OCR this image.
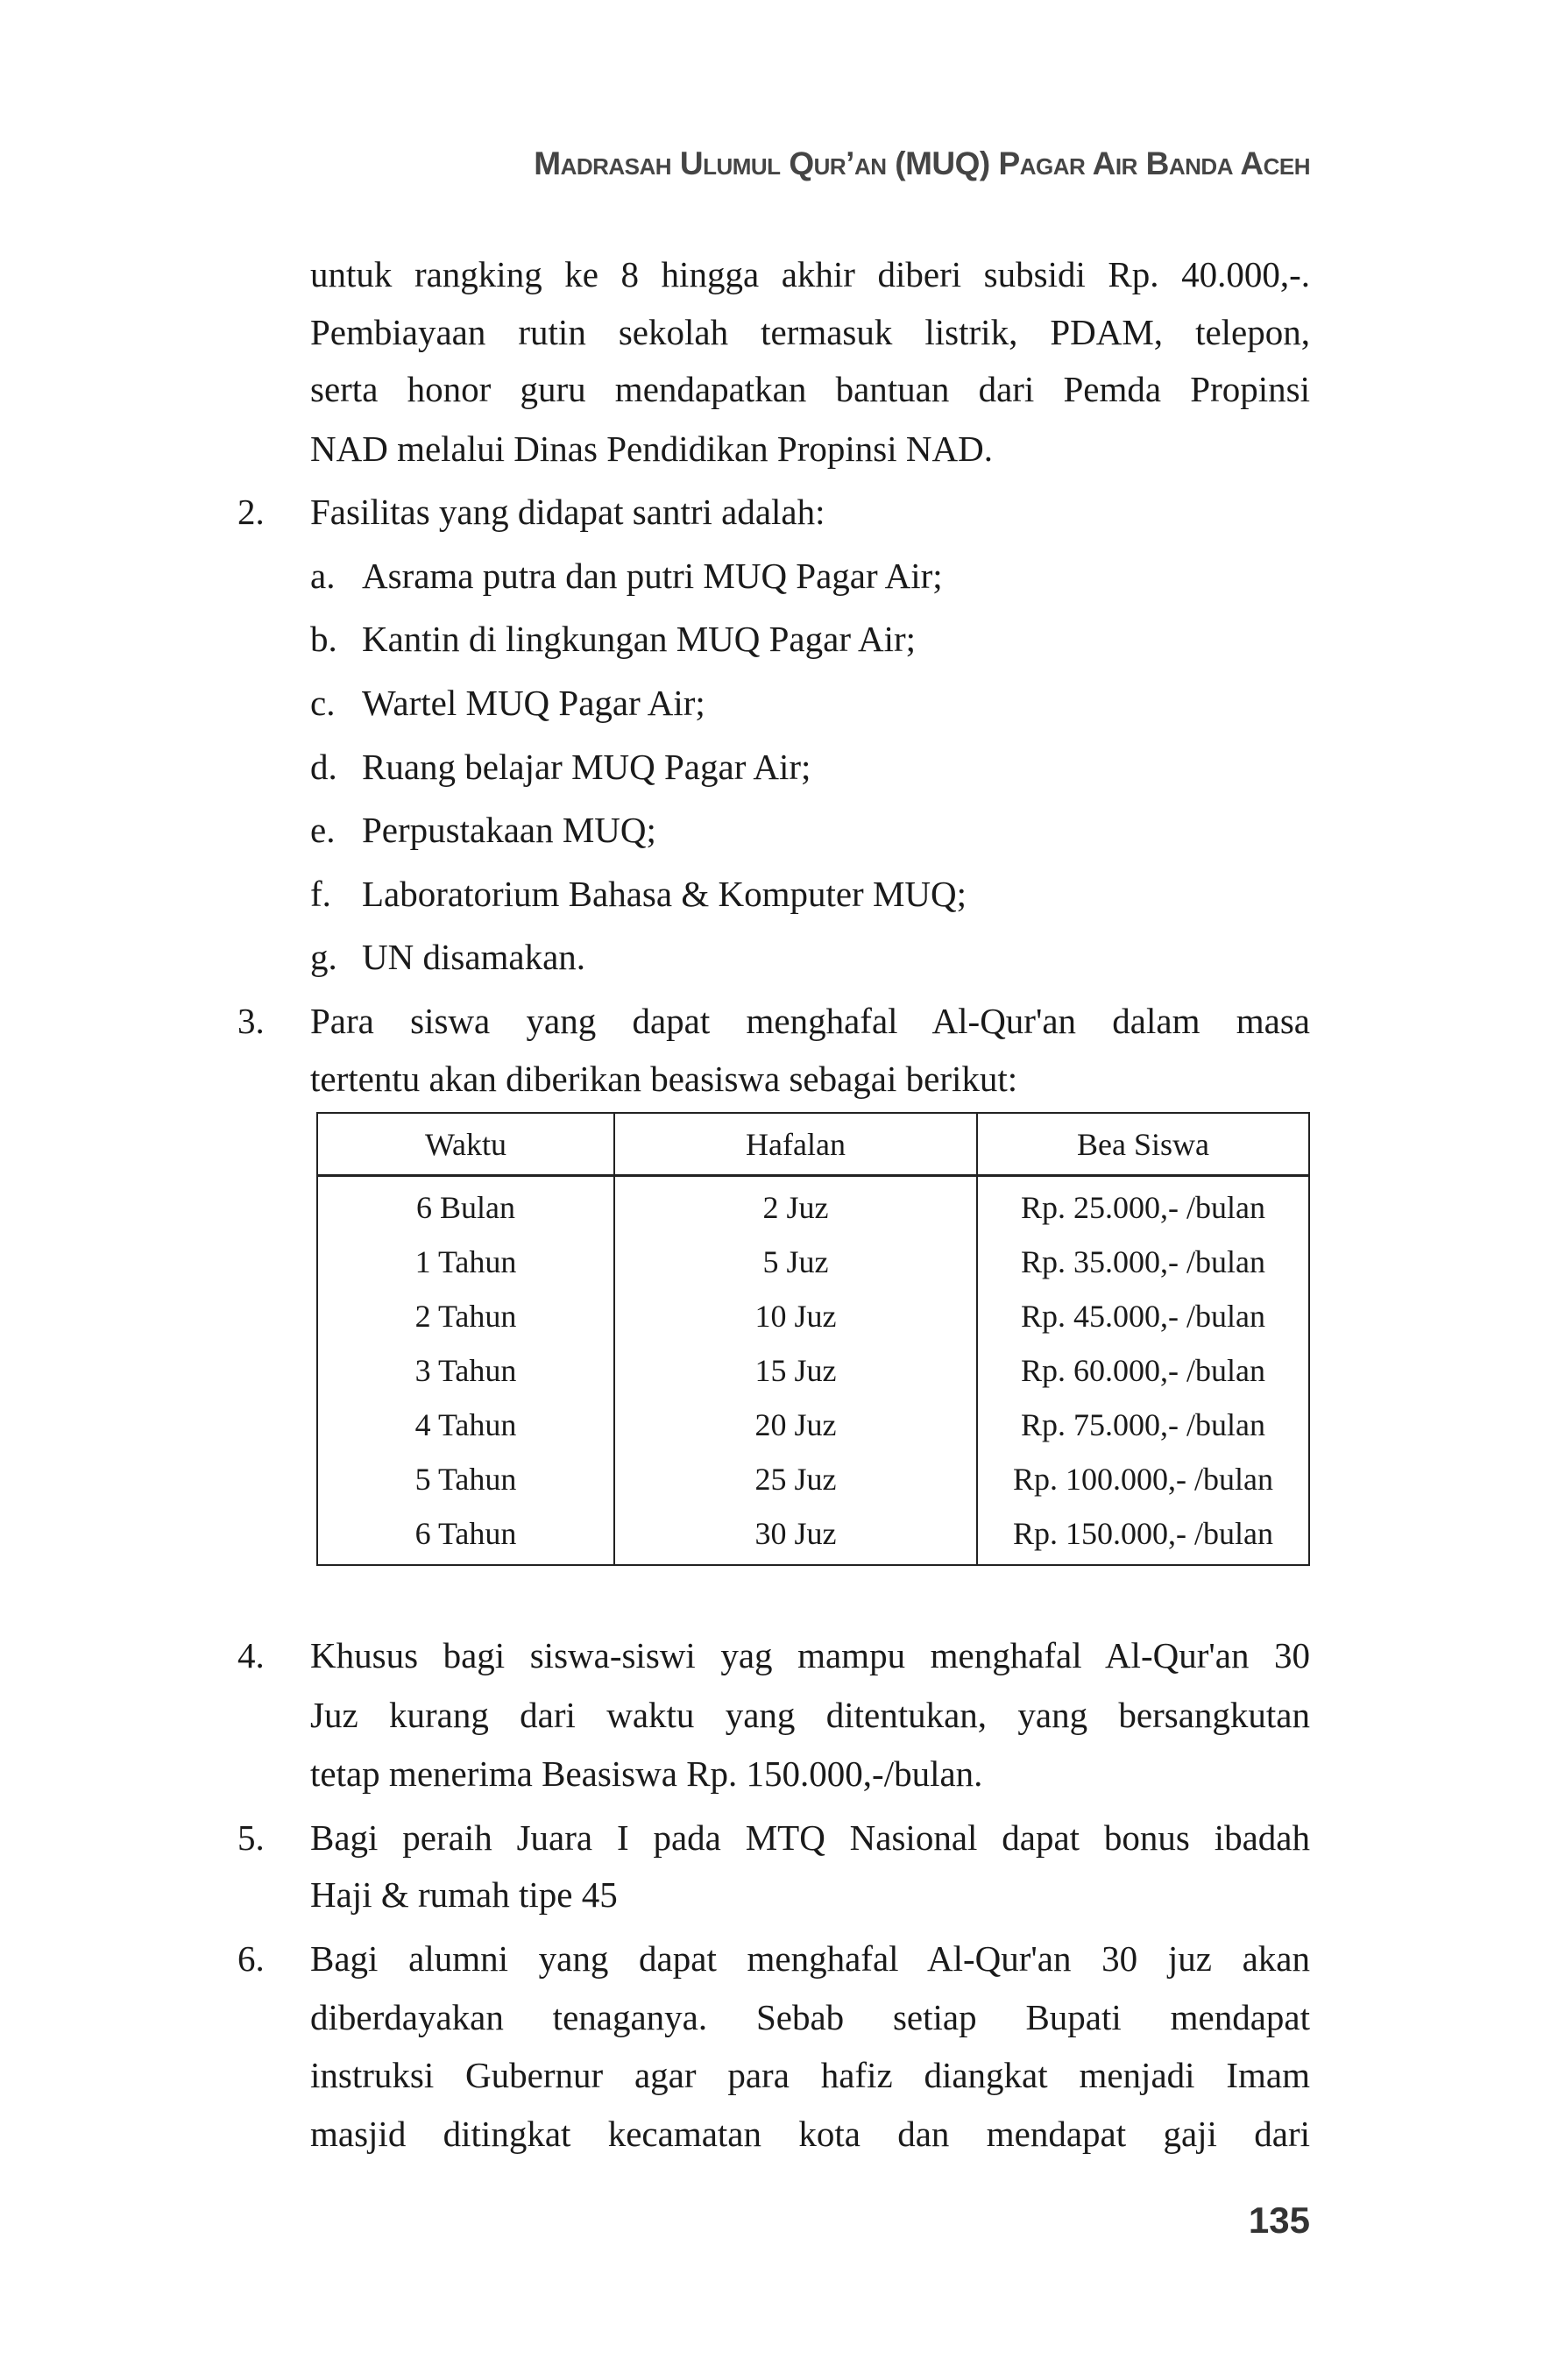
Madrasah Ulumul Qur’an (MUQ) Pagar Air Banda Aceh
untuk rangking ke 8 hingga akhir diberi subsidi Rp. 40.000,-.
Pembiayaan rutin sekolah termasuk listrik, PDAM, telepon,
serta honor guru mendapatkan bantuan dari Pemda Propinsi
NAD melalui Dinas Pendidikan Propinsi NAD.
2. Fasilitas yang didapat santri adalah:
a. Asrama putra dan putri MUQ Pagar Air;
b. Kantin di lingkungan MUQ Pagar Air;
c. Wartel MUQ Pagar Air;
d. Ruang belajar MUQ Pagar Air;
e. Perpustakaan MUQ;
f. Laboratorium Bahasa & Komputer MUQ;
g. UN disamakan.
3. Para siswa yang dapat menghafal Al-Qur'an dalam masa
tertentu akan diberikan beasiswa sebagai berikut:
Waktu	Hafalan	Bea Siswa
6 Bulan	2 Juz	Rp. 25.000,- /bulan
1 Tahun	5 Juz	Rp. 35.000,- /bulan
2 Tahun	10 Juz	Rp. 45.000,- /bulan
3 Tahun	15 Juz	Rp. 60.000,- /bulan
4 Tahun	20 Juz	Rp. 75.000,- /bulan
5 Tahun	25 Juz	Rp. 100.000,- /bulan
6 Tahun	30 Juz	Rp. 150.000,- /bulan
4. Khusus bagi siswa-siswi yag mampu menghafal Al-Qur'an 30
Juz kurang dari waktu yang ditentukan, yang bersangkutan
tetap menerima Beasiswa Rp. 150.000,-/bulan.
5. Bagi peraih Juara I pada MTQ Nasional dapat bonus ibadah
Haji & rumah tipe 45
6. Bagi alumni yang dapat menghafal Al-Qur'an 30 juz akan
diberdayakan tenaganya. Sebab setiap Bupati mendapat
instruksi Gubernur agar para hafiz diangkat menjadi Imam
masjid ditingkat kecamatan kota dan mendapat gaji dari
135
